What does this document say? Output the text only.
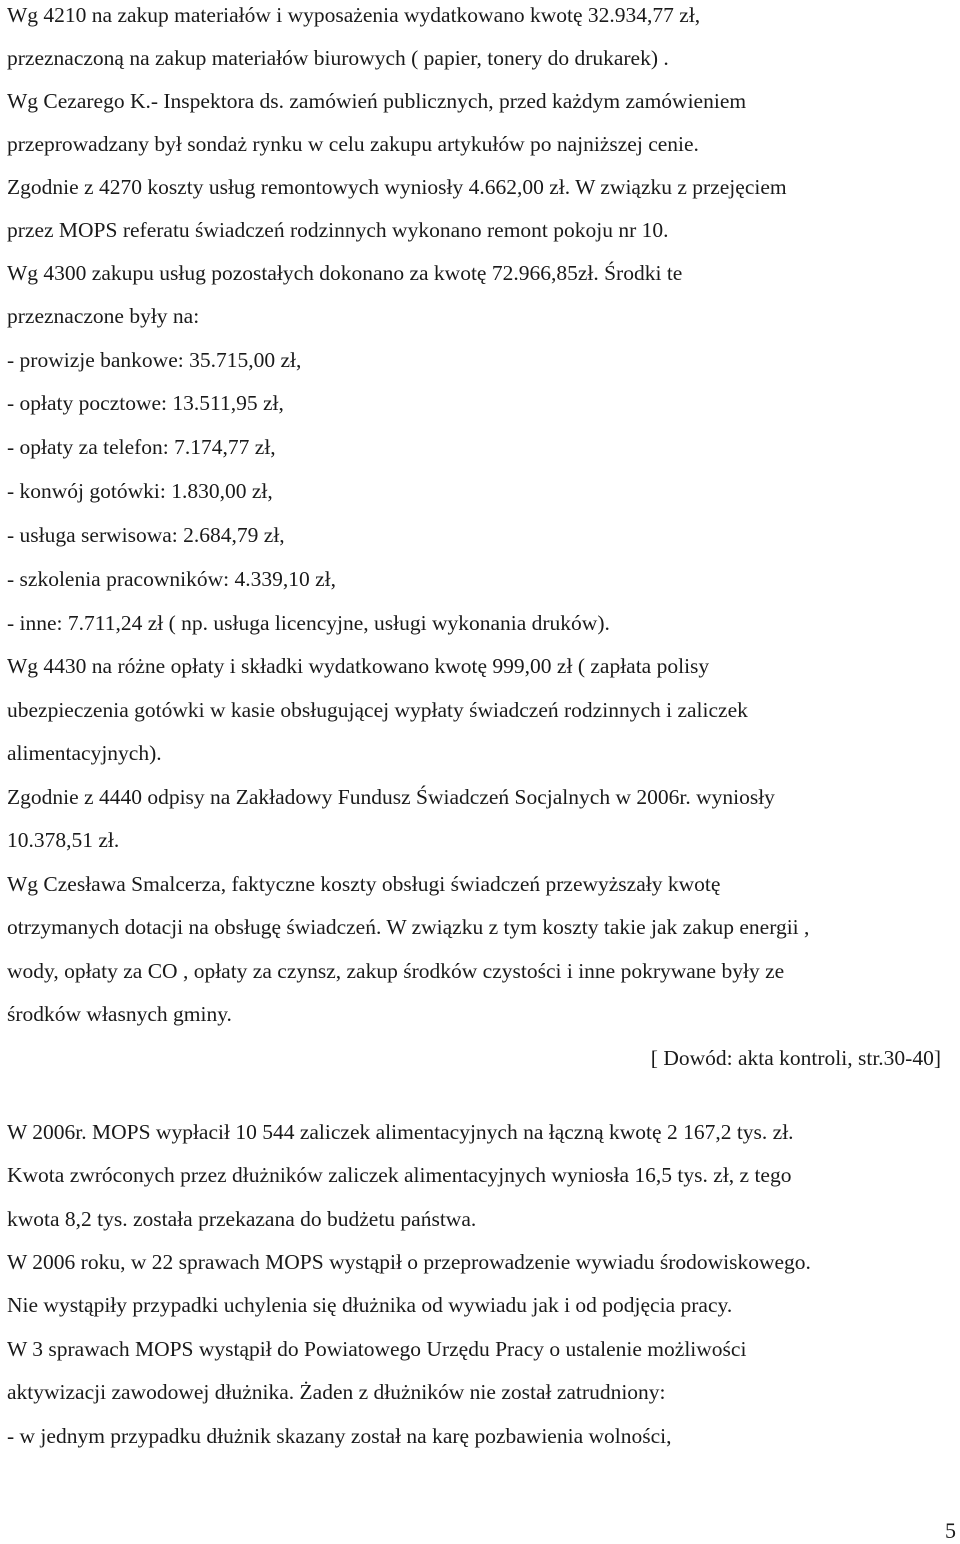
Wg 4210 na zakup materiałów i wyposażenia wydatkowano kwotę 32.934,77 zł,
przeznaczoną na zakup materiałów biurowych ( papier, tonery do drukarek) .
Wg Cezarego K.- Inspektora ds. zamówień publicznych, przed każdym zamówieniem
przeprowadzany był sondaż rynku w celu zakupu artykułów po najniższej cenie.
Zgodnie z 4270 koszty usług remontowych wyniosły 4.662,00 zł. W związku z przejęciem
przez MOPS referatu świadczeń rodzinnych wykonano remont pokoju nr 10.
Wg 4300 zakupu usług pozostałych dokonano za kwotę 72.966,85zł. Środki te
przeznaczone były na:
- prowizje bankowe: 35.715,00 zł,
- opłaty pocztowe: 13.511,95 zł,
- opłaty za telefon: 7.174,77 zł,
- konwój gotówki: 1.830,00 zł,
- usługa serwisowa: 2.684,79 zł,
- szkolenia pracowników: 4.339,10 zł,
- inne: 7.711,24 zł ( np. usługa licencyjne, usługi wykonania druków).
Wg 4430 na różne opłaty i składki wydatkowano kwotę 999,00 zł ( zapłata polisy
ubezpieczenia gotówki w kasie obsługującej wypłaty świadczeń rodzinnych i zaliczek
alimentacyjnych).
Zgodnie z 4440 odpisy na Zakładowy Fundusz Świadczeń Socjalnych w 2006r. wyniosły
10.378,51 zł.
Wg Czesława Smalcerza, faktyczne koszty obsługi świadczeń przewyższały kwotę
otrzymanych dotacji na obsługę świadczeń. W związku z tym koszty takie jak zakup energii ,
wody, opłaty za CO , opłaty za czynsz, zakup środków czystości i inne pokrywane były ze
środków własnych gminy.
[ Dowód: akta kontroli, str.30-40]
W 2006r. MOPS wypłacił 10 544 zaliczek alimentacyjnych na łączną kwotę 2 167,2 tys. zł.
Kwota zwróconych przez dłużników zaliczek alimentacyjnych wyniosła 16,5 tys. zł, z tego
kwota 8,2 tys. została przekazana do budżetu państwa.
W 2006 roku, w 22 sprawach MOPS wystąpił o przeprowadzenie wywiadu środowiskowego.
Nie wystąpiły przypadki uchylenia się dłużnika od wywiadu jak i od podjęcia pracy.
W 3 sprawach MOPS wystąpił do Powiatowego Urzędu Pracy o ustalenie możliwości
aktywizacji zawodowej dłużnika. Żaden z dłużników nie został zatrudniony:
- w jednym przypadku dłużnik skazany został na karę pozbawienia wolności,
5
